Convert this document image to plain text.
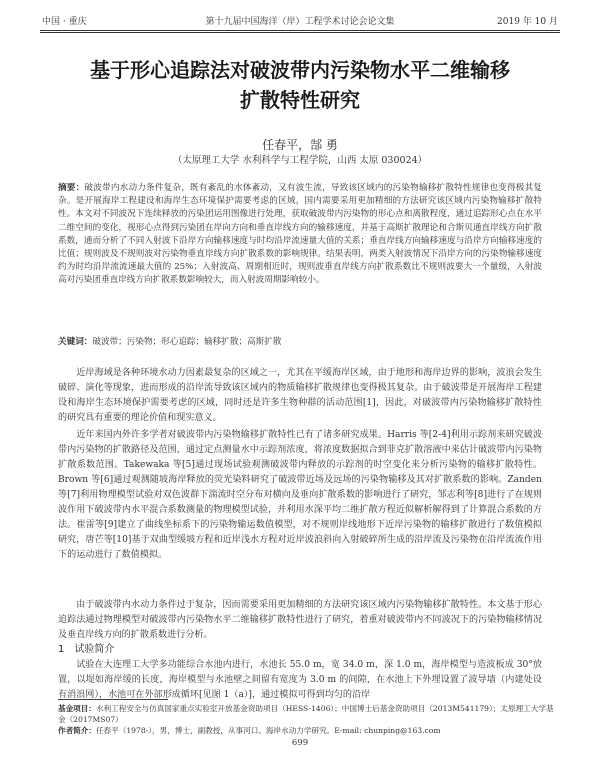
中国 · 重庆	第十九届中国海洋（岸）工程学术讨论会论文集	2019 年 10 月
基于形心追踪法对破波带内污染物水平二维输移
扩散特性研究
任春平，郜 勇
（太原理工大学 水利科学与工程学院，山西 太原 030024）
摘要：破波带内水动力条件复杂，既有紊乱的水体紊动，又有波生流，导致该区域内的污染物输移扩散特性规律也变得极其复杂。是开展海岸工程建设和海岸生态环境保护需要考虑的区域，国内需要采用更加精细的方法研究该区域内污染物输移扩散特性。本文对不同波况下连续释放的污染团运用图像进行处理，获取破波带内污染物的形心点和离散程度，通过追踪形心点在水平二维空间的变化，视形心点得到污染团在岸向方向和垂直岸线方向的输移速度，并基于高斯扩散理论和合斯贝通直岸线方向扩散系数，通而分析了不同入射波下沿岸方向输移速度与时均沿岸流速量大值的关系；垂直岸线方向输移速度与沿岸方向输移速度的比值；规则波及不规则波对污染物垂直岸线方向扩散系数的影响规律。结果表明，两类入射波情况下沿岸方向的污染物输移速度约为时均沿岸流流速最大值的 25%；入射波高、周期相近时，规则波垂直岸线方向扩散系数比不规则波要大一个量级，入射波高对污染团垂直岸线方向扩散系数影响较大，而入射波周期影响较小。
关键词：破波带；污染物；形心追踪；输移扩散；高斯扩散

近岸海域是各种环境水动力因素最复杂的区域之一，尤其在平缓海岸区域，由于地形和海岸边界的影响，波浪会发生破碎、演化等现象，进而形成的沿岸流导致该区域内的物质输移扩散规律也变得极其复杂。由于破波带是开展海岸工程建设和海岸生态环境保护需要考虑的区域，同时还是许多生物种群的活动范围[1]，因此，对破波带内污染物输移扩散特性的研究具有重要的理论价值和现实意义。

近年来国内外许多学者对破波带内污染物输移扩散特性已有了诸多研究成果。Harris 等[2-4]利用示踪剂来研究破波带内污染物的扩散路径及范围，通过定点测量水中示踪剂浓度，将浓度数据拟合到菲克扩散溶液中来估计破波带内污染物扩散系数范围。Takewaka 等[5]通过现场试验观测破波带内释放的示踪剂的时空变化来分析污染物的输移扩散特性。Brown 等[6]通过观测随坡海岸释放的荧光染料研究了破波带近场及远场的污染物输移及其对扩散系数的影响。Zanden 等[7]利用物理模型试验对双色波群下湍流时空分布对横向及垂向扩散系数的影响进行了研究，邹志利等[8]进行了在规则波作用下破波带内水平混合系数测量的物理模型试验，并利用水深平均二维扩散方程近似解析解得到了计算混合系数的方法。崔雷等[9]建立了曲线坐标系下的污染物输运数值模型，对不规则岸线地形下近岸污染物的输移扩散进行了数值模拟研究，唐芒等[10]基于双曲型缓坡方程和近岸浅水方程对近岸波浪斜向入射破碎所生成的沿岸流及污染物在沿岸流流作用下的运动进行了数值模拟。

由于破波带内水动力条件过于复杂，因而需要采用更加精细的方法研究该区域内污染物输移扩散特性。本文基于形心追踪法通过物理模型对破波带内污染物水平二维输移扩散特性进行了研究，着重对破波带内不同波况下的污染物输移情况及垂直岸线方向的扩散系数进行分析。

1　试验简介

试验在大连理工大学多功能综合水池内进行，水池长 55.0 m，宽 34.0 m，深 1.0 m，海岸模型与造波板成 30°放置，以堤如海岸缓的长度，海岸模型与水池壁之间留有宽度为 3.0 m 的间隙，在水池上下外埋设置了波导墙（内建处设有消浪网），水池可在外部形成循环[见图 1（a）]，通过模拟可得到均匀的沿岸

基金项目：水利工程安全与仿真国家重点实验室开放基金资助项目（HESS-1406）；中国博士后基金资助项目（2013M541179）；太原理工大学基金（2017MS07）
作者简介：任春平（1978-），男，博士，副教授，从事河口、海岸水动力学研究。E-mail: chunping@163.com
699
